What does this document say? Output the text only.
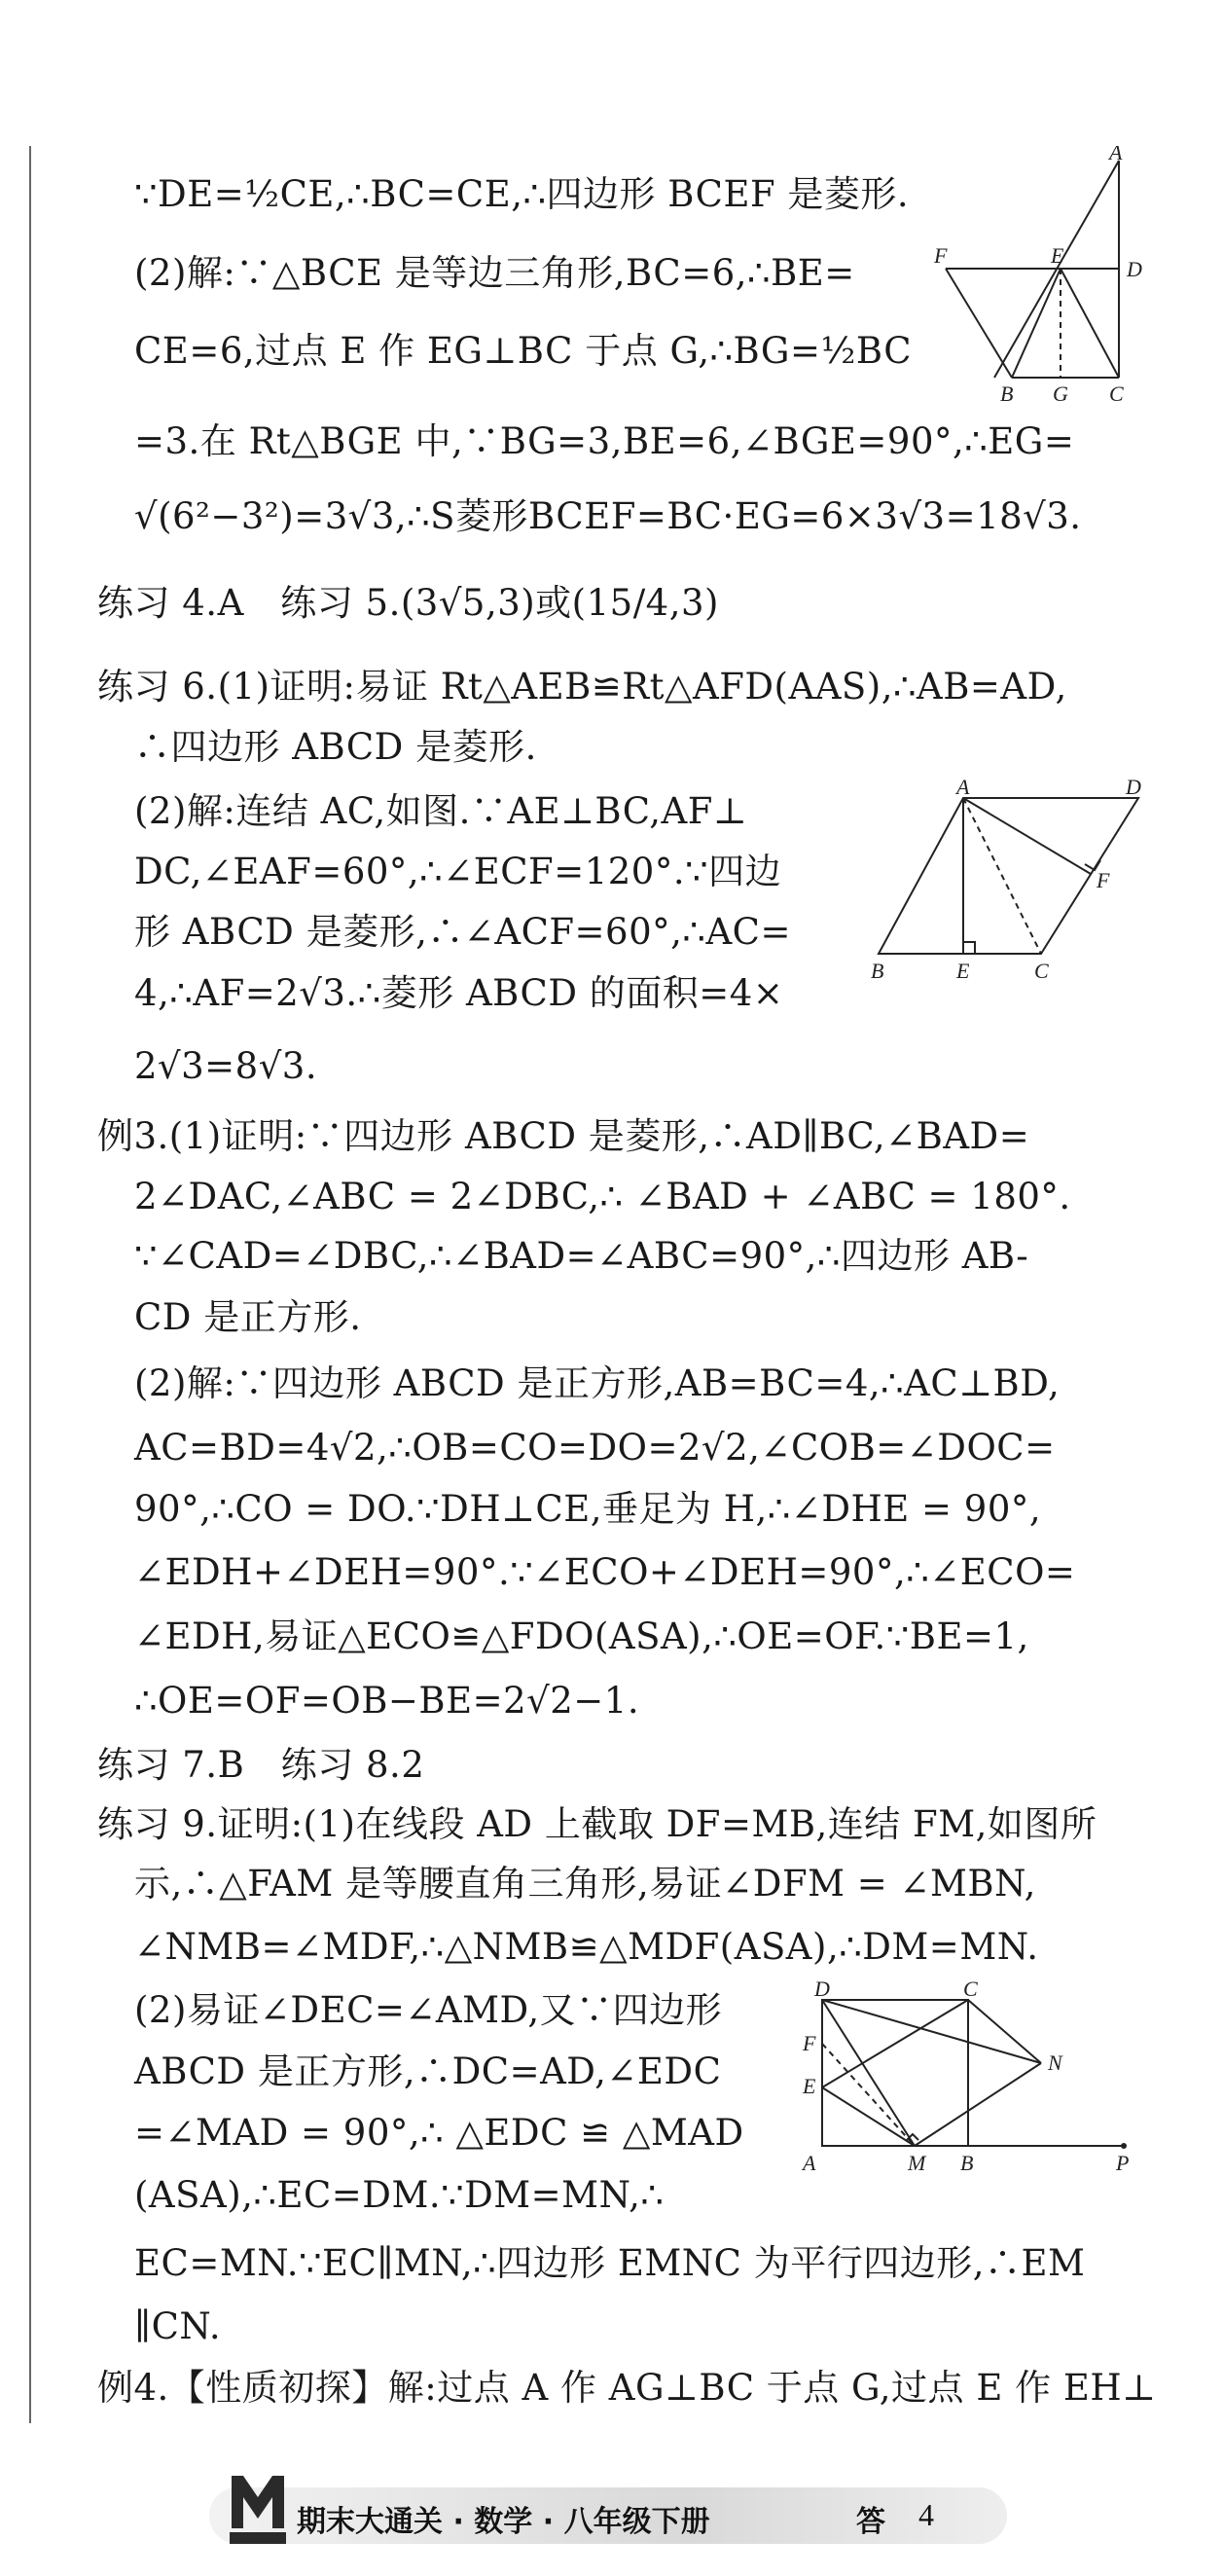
∵DE=½CE,∴BC=CE,∴四边形 BCEF 是菱形.
(2)解:∵△BCE 是等边三角形,BC=6,∴BE=
CE=6,过点 E 作 EG⊥BC 于点 G,∴BG=½BC
=3.在 Rt△BGE 中,∵BG=3,BE=6,∠BGE=90°,∴EG=
√(6²−3²)=3√3,∴S菱形BCEF=BC·EG=6×3√3=18√3.
练习 4.A　练习 5.(3√5,3)或(15/4,3)
练习 6.(1)证明:易证 Rt△AEB≌Rt△AFD(AAS),∴AB=AD,
∴四边形 ABCD 是菱形.
(2)解:连结 AC,如图.∵AE⊥BC,AF⊥
DC,∠EAF=60°,∴∠ECF=120°.∵四边
形 ABCD 是菱形,∴∠ACF=60°,∴AC=
4,∴AF=2√3.∴菱形 ABCD 的面积=4×
2√3=8√3.
例3.(1)证明:∵四边形 ABCD 是菱形,∴AD∥BC,∠BAD=
2∠DAC,∠ABC = 2∠DBC,∴ ∠BAD + ∠ABC = 180°.
∵∠CAD=∠DBC,∴∠BAD=∠ABC=90°,∴四边形 AB-
CD 是正方形.
(2)解:∵四边形 ABCD 是正方形,AB=BC=4,∴AC⊥BD,
AC=BD=4√2,∴OB=CO=DO=2√2,∠COB=∠DOC=
90°,∴CO = DO.∵DH⊥CE,垂足为 H,∴∠DHE = 90°,
∠EDH+∠DEH=90°.∵∠ECO+∠DEH=90°,∴∠ECO=
∠EDH,易证△ECO≌△FDO(ASA),∴OE=OF.∵BE=1,
∴OE=OF=OB−BE=2√2−1.
练习 7.B　练习 8.2
练习 9.证明:(1)在线段 AD 上截取 DF=MB,连结 FM,如图所
示,∴△FAM 是等腰直角三角形,易证∠DFM = ∠MBN,
∠NMB=∠MDF,∴△NMB≌△MDF(ASA),∴DM=MN.
(2)易证∠DEC=∠AMD,又∵四边形
ABCD 是正方形,∴DC=AD,∠EDC
=∠MAD = 90°,∴ △EDC ≌ △MAD
(ASA),∴EC=DM.∵DM=MN,∴
EC=MN.∵EC∥MN,∴四边形 EMNC 为平行四边形,∴EM
∥CN.
例4.【性质初探】解:过点 A 作 AG⊥BC 于点 G,过点 E 作 EH⊥
A
F	E
D
B G C
A	D
F
B	E	C
D	C
F
N
E
A	M B	P
期末大通关 · 数学 · 八年级下册	答 4
